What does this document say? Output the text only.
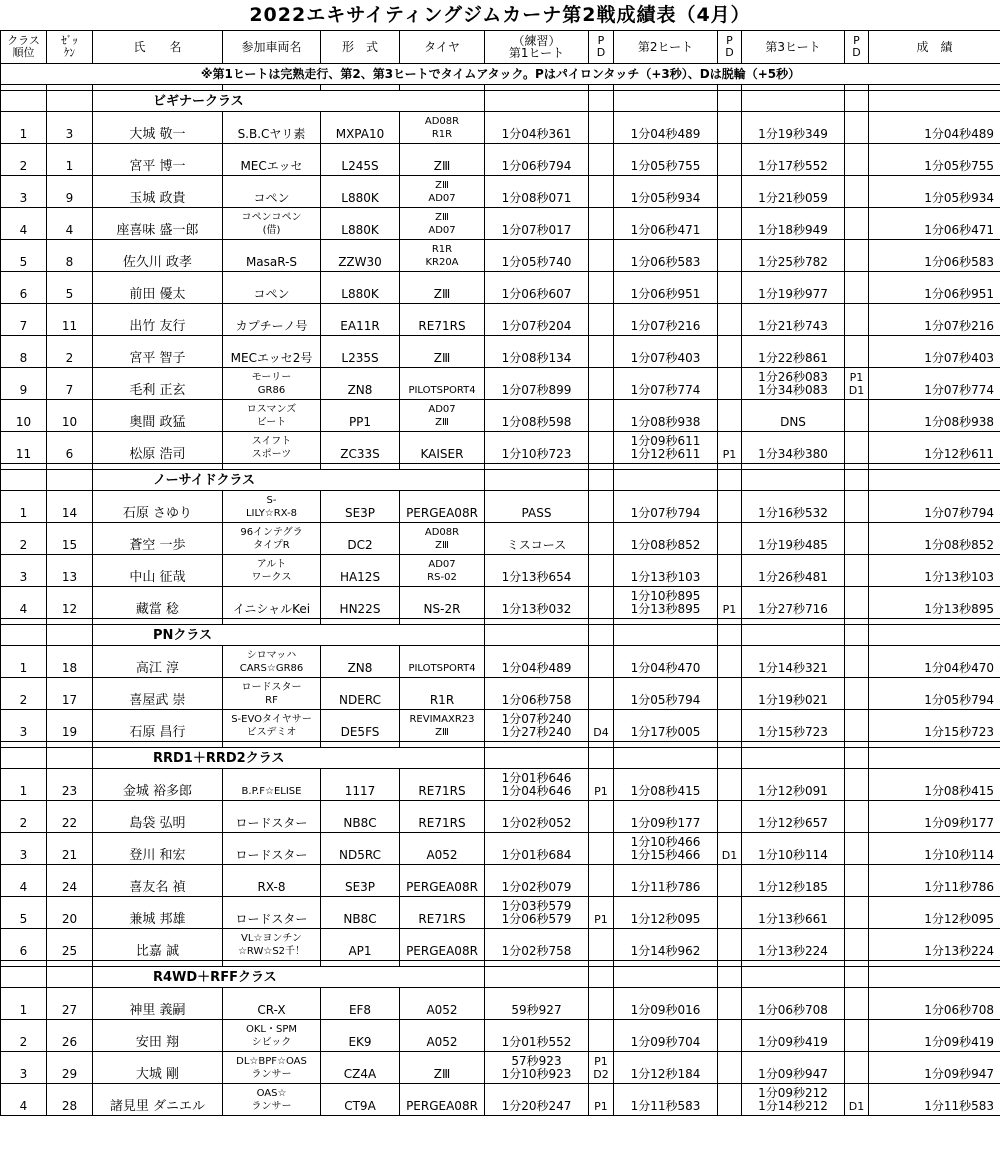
2022エキサイティングジムカーナ第2戦成績表（4月）
クラス
順位	ｾﾞｯ
ｹﾝ	氏　　名	参加車両名	形　式	タイヤ	（練習）
第1ヒート	P
D	第2ヒート	P
D	第3ヒート	P
D	成　績
※第1ヒートは完熟走行、第2、第3ヒートでタイムアタック。Pはパイロンタッチ（+3秒）、Dは脱輪（+5秒）												

		ビギナークラス										
1	3	大城 敬一	S.B.Cヤリ素	MXPA10	AD08R
R1R	1分04秒361		1分04秒489		1分19秒349		1分04秒489
2	1	宮平 博一	MECエッセ	L245S	ZⅢ	1分06秒794		1分05秒755		1分17秒552		1分05秒755
3	9	玉城 政貴	コペン	L880K	ZⅢ
AD07	1分08秒071		1分05秒934		1分21秒059		1分05秒934
4	4	座喜味 盛一郎	コペンコペン
(借)	L880K	ZⅢ
AD07	1分07秒017		1分06秒471		1分18秒949		1分06秒471
5	8	佐久川 政孝	MasaR-S	ZZW30	R1R
KR20A	1分05秒740		1分06秒583		1分25秒782		1分06秒583
6	5	前田 優太	コペン	L880K	ZⅢ	1分06秒607		1分06秒951		1分19秒977		1分06秒951
7	11	出竹 友行	カプチーノ号	EA11R	RE71RS	1分07秒204		1分07秒216		1分21秒743		1分07秒216
8	2	宮平 智子	MECエッセ2号	L235S	ZⅢ	1分08秒134		1分07秒403		1分22秒861		1分07秒403
9	7	毛利 正玄	モーリー
GR86	ZN8	PILOTSPORT4	1分07秒899		1分07秒774		1分26秒083
1分34秒083	P1
D1	1分07秒774
10	10	奥間 政猛	ロスマンズ
ビート	PP1	AD07
ZⅢ	1分08秒598		1分08秒938		DNS		1分08秒938
11	6	松原 浩司	スイフト
スポーツ	ZC33S	KAISER	1分10秒723		1分09秒611
1分12秒611	P1	1分34秒380		1分12秒611

		ノーサイドクラス										
1	14	石原 さゆり	S-
LILY☆RX-8	SE3P	PERGEA08R	PASS		1分07秒794		1分16秒532		1分07秒794
2	15	蒼空 一歩	96インテグラ
タイプR	DC2	AD08R
ZⅢ	ミスコース		1分08秒852		1分19秒485		1分08秒852
3	13	中山 征哉	アルト
ワークス	HA12S	AD07
RS-02	1分13秒654		1分13秒103		1分26秒481		1分13秒103
4	12	藏當 稔	イニシャルKei	HN22S	NS-2R	1分13秒032		1分10秒895
1分13秒895	P1	1分27秒716		1分13秒895

		PNクラス										
1	18	高江 淳	シロマッハ
CARS☆GR86	ZN8	PILOTSPORT4	1分04秒489		1分04秒470		1分14秒321		1分04秒470
2	17	喜屋武 崇	ロードスター
RF	NDERC	R1R	1分06秒758		1分05秒794		1分19秒021		1分05秒794
3	19	石原 昌行	S-EVOタイヤサー
ビスデミオ	DE5FS	REVIMAXR23
ZⅢ	1分07秒240
1分27秒240	D4	1分17秒005		1分15秒723		1分15秒723

		RRD1＋RRD2クラス										
1	23	金城 裕多郎	B.P.F☆ELISE	1117	RE71RS	1分01秒646
1分04秒646	P1	1分08秒415		1分12秒091		1分08秒415
2	22	島袋 弘明	ロードスター	NB8C	RE71RS	1分02秒052		1分09秒177		1分12秒657		1分09秒177
3	21	登川 和宏	ロードスター	ND5RC	A052	1分01秒684		1分10秒466
1分15秒466	D1	1分10秒114		1分10秒114
4	24	喜友名 禎	RX-8	SE3P	PERGEA08R	1分02秒079		1分11秒786		1分12秒185		1分11秒786
5	20	兼城 邦雄	ロードスター	NB8C	RE71RS	1分03秒579
1分06秒579	P1	1分12秒095		1分13秒661		1分12秒095
6	25	比嘉 誠	VL☆ヨンチン
☆RW☆S2千！	AP1	PERGEA08R	1分02秒758		1分14秒962		1分13秒224		1分13秒224

		R4WD＋RFFクラス										
1	27	神里 義嗣	CR-X	EF8	A052	59秒927		1分09秒016		1分06秒708		1分06秒708
2	26	安田 翔	OKL・SPM
シビック	EK9	A052	1分01秒552		1分09秒704		1分09秒419		1分09秒419
3	29	大城 剛	DL☆BPF☆OAS
ランサー	CZ4A	ZⅢ	57秒923
1分10秒923	P1
D2	1分12秒184		1分09秒947		1分09秒947
4	28	諸見里 ダニエル	OAS☆
ランサー	CT9A	PERGEA08R	1分20秒247	P1	1分11秒583		1分09秒212
1分14秒212	D1	1分11秒583
